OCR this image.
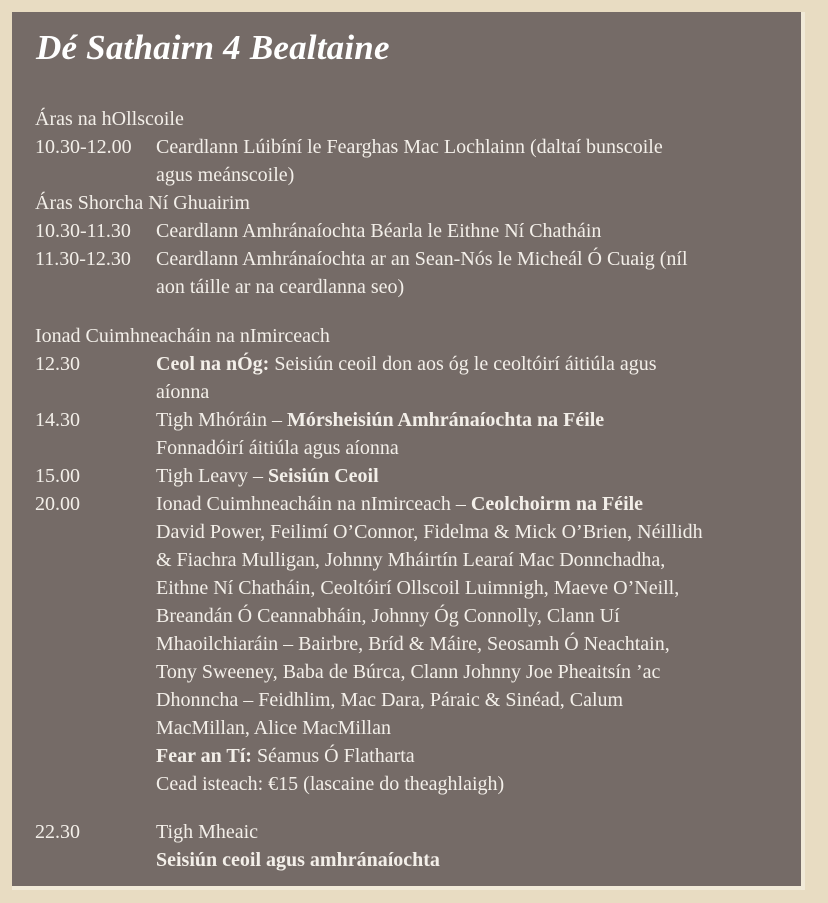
Dé Sathairn 4 Bealtaine
Áras na hOllscoile
10.30-12.00	Ceardlann Lúibíní le Fearghas Mac Lochlainn (daltaí bunscoile
agus meánscoile)
Áras Shorcha Ní Ghuairim
10.30-11.30	Ceardlann Amhránaíochta Béarla le Eithne Ní Chatháin
11.30-12.30	Ceardlann Amhránaíochta ar an Sean-Nós le Micheál Ó Cuaig (níl
aon táille ar na ceardlanna seo)
Ionad Cuimhneacháin na nImirceach
12.30	Ceol na nÓg: Seisiún ceoil don aos óg le ceoltóirí áitiúla agus
aíonna
14.30	Tigh Mhóráin – Mórsheisiún Amhránaíochta na Féile
Fonnadóirí áitiúla agus aíonna
15.00	Tigh Leavy – Seisiún Ceoil
20.00	Ionad Cuimhneacháin na nImirceach – Ceolchoirm na Féile
David Power, Feilimí O’Connor, Fidelma & Mick O’Brien, Néillidh
& Fiachra Mulligan, Johnny Mháirtín Learaí Mac Donnchadha,
Eithne Ní Chatháin, Ceoltóirí Ollscoil Luimnigh, Maeve O’Neill,
Breandán Ó Ceannabháin, Johnny Óg Connolly, Clann Uí
Mhaoilchiaráin – Bairbre, Bríd & Máire, Seosamh Ó Neachtain,
Tony Sweeney, Baba de Búrca, Clann Johnny Joe Pheaitsín ’ac
Dhonncha – Feidhlim, Mac Dara, Páraic & Sinéad, Calum
MacMillan, Alice MacMillan
Fear an Tí: Séamus Ó Flatharta
Cead isteach: €15 (lascaine do theaghlaigh)
22.30	Tigh Mheaic
Seisiún ceoil agus amhránaíochta
